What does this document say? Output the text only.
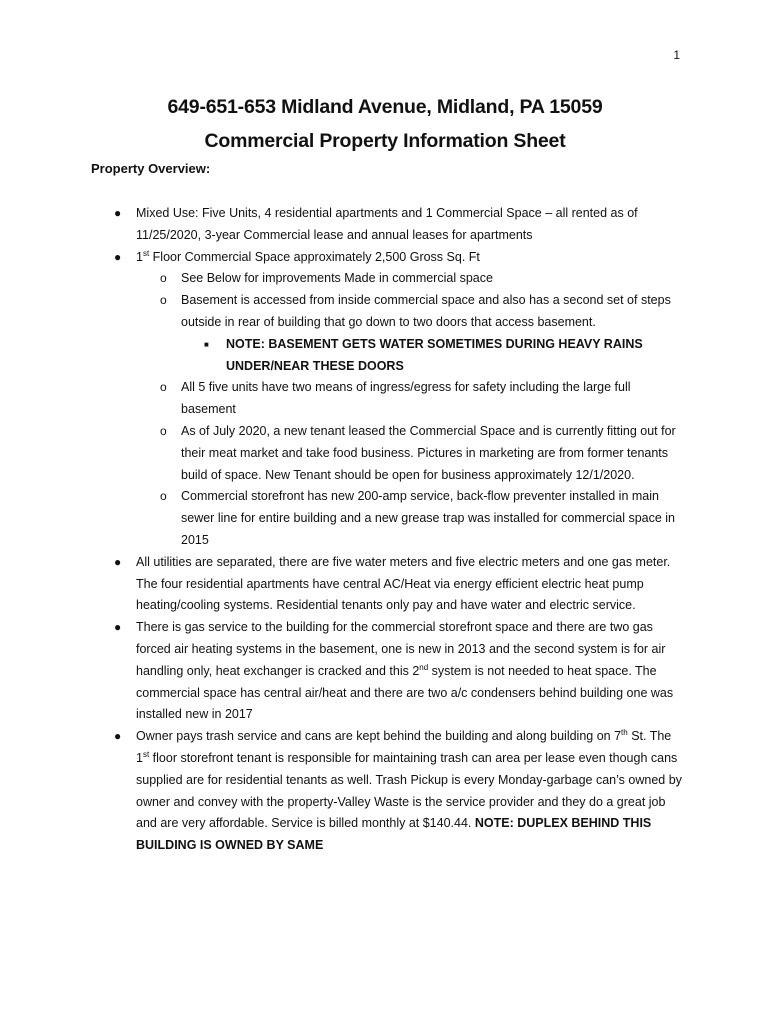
1
649-651-653 Midland Avenue, Midland, PA 15059
Commercial Property Information Sheet
Property Overview:

● Mixed Use: Five Units, 4 residential apartments and 1 Commercial Space – all rented as of 11/25/2020, 3-year Commercial lease and annual leases for apartments

● 1st Floor Commercial Space approximately 2,500 Gross Sq. Ft

o See Below for improvements Made in commercial space

o Basement is accessed from inside commercial space and also has a second set of steps outside in rear of building that go down to two doors that access basement.

■ NOTE: BASEMENT GETS WATER SOMETIMES DURING HEAVY RAINS UNDER/NEAR THESE DOORS

o All 5 five units have two means of ingress/egress for safety including the large full basement

o As of July 2020, a new tenant leased the Commercial Space and is currently fitting out for their meat market and take food business. Pictures in marketing are from former tenants build of space. New Tenant should be open for business approximately 12/1/2020.

o Commercial storefront has new 200-amp service, back-flow preventer installed in main sewer line for entire building and a new grease trap was installed for commercial space in 2015

● All utilities are separated, there are five water meters and five electric meters and one gas meter. The four residential apartments have central AC/Heat via energy efficient electric heat pump heating/cooling systems. Residential tenants only pay and have water and electric service.

● There is gas service to the building for the commercial storefront space and there are two gas forced air heating systems in the basement, one is new in 2013 and the second system is for air handling only, heat exchanger is cracked and this 2nd system is not needed to heat space. The commercial space has central air/heat and there are two a/c condensers behind building one was installed new in 2017

● Owner pays trash service and cans are kept behind the building and along building on 7th St. The 1st floor storefront tenant is responsible for maintaining trash can area per lease even though cans supplied are for residential tenants as well. Trash Pickup is every Monday-garbage can’s owned by owner and convey with the property-Valley Waste is the service provider and they do a great job and are very affordable. Service is billed monthly at $140.44. NOTE: DUPLEX BEHIND THIS BUILDING IS OWNED BY SAME
